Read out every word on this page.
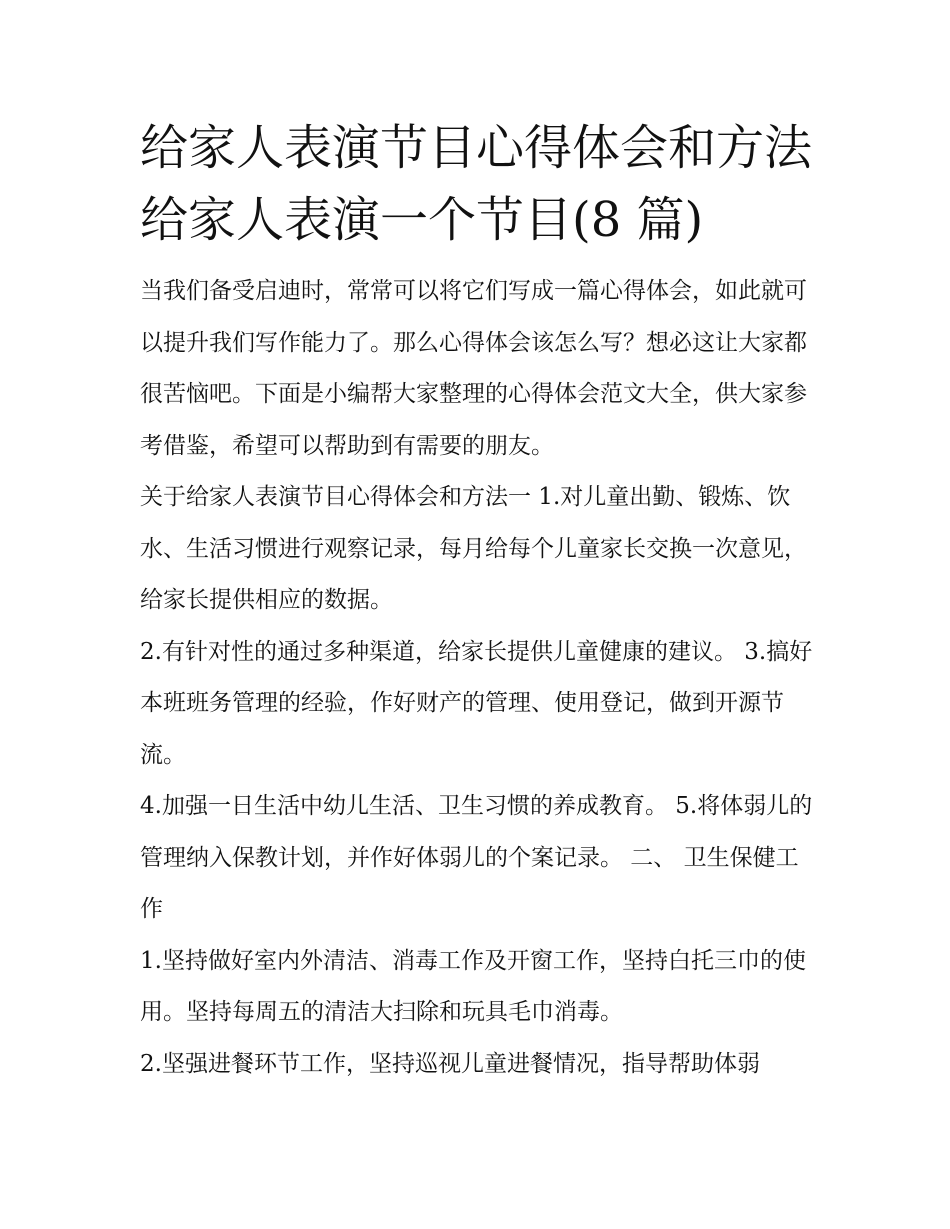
给家人表演节目心得体会和方法 给家人表演一个节目(8 篇)

当我们备受启迪时，常常可以将它们写成一篇心得体会，如此就可以提升我们写作能力了。那么心得体会该怎么写？想必这让大家都很苦恼吧。下面是小编帮大家整理的心得体会范文大全，供大家参考借鉴，希望可以帮助到有需要的朋友。

关于给家人表演节目心得体会和方法一 1.对儿童出勤、锻炼、饮水、生活习惯进行观察记录，每月给每个儿童家长交换一次意见，给家长提供相应的数据。

2.有针对性的通过多种渠道，给家长提供儿童健康的建议。 3.搞好本班班务管理的经验，作好财产的管理、使用登记，做到开源节流。

4.加强一日生活中幼儿生活、卫生习惯的养成教育。 5.将体弱儿的管理纳入保教计划，并作好体弱儿的个案记录。 二、 卫生保健工作

1.坚持做好室内外清洁、消毒工作及开窗工作，坚持白托三巾的使用。坚持每周五的清洁大扫除和玩具毛巾消毒。

2.坚强进餐环节工作，坚持巡视儿童进餐情况，指导帮助体弱
